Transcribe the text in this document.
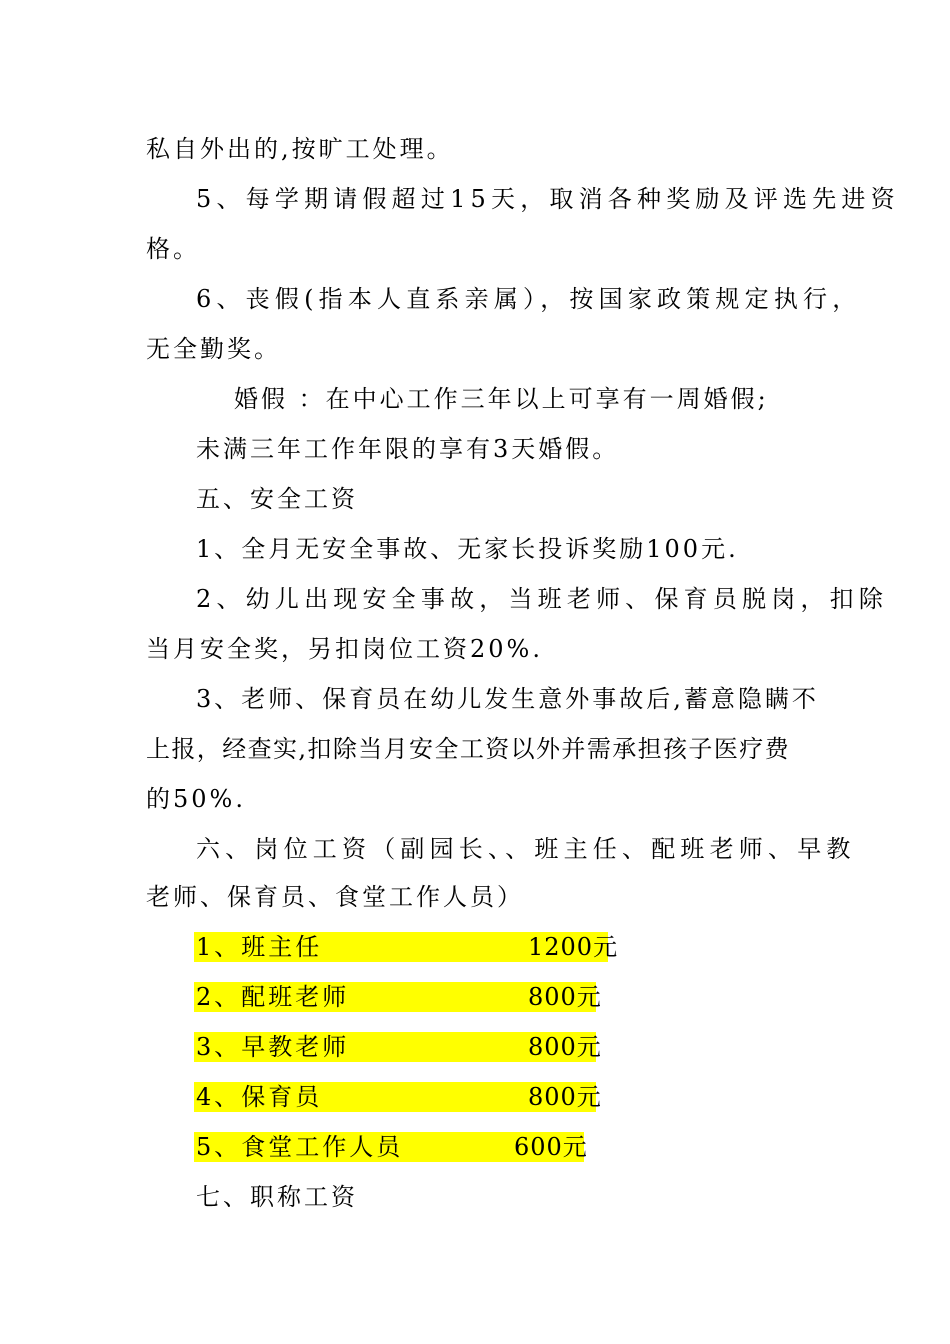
私自外出的,按旷工处理。

5、每学期请假超过15天，取消各种奖励及评选先进资

格。

6、丧假(指本人直系亲属），按国家政策规定执行，

无全勤奖。

婚假 ：在中心工作三年以上可享有一周婚假;

未满三年工作年限的享有3天婚假。

五、安全工资

1、全月无安全事故、无家长投诉奖励100元.

2、幼儿出现安全事故，当班老师、保育员脱岗，扣除

当月安全奖，另扣岗位工资20%.

3、老师、保育员在幼儿发生意外事故后,蓄意隐瞒不

上报，经查实,扣除当月安全工资以外并需承担孩子医疗费

的50%.

六、岗位工资（副园长、、班主任、配班老师、早教

老师、保育员、食堂工作人员）

1、班主任	1200元
2、配班老师	800元
3、早教老师	800元
4、保育员	800元
5、食堂工作人员	600元

七、职称工资
